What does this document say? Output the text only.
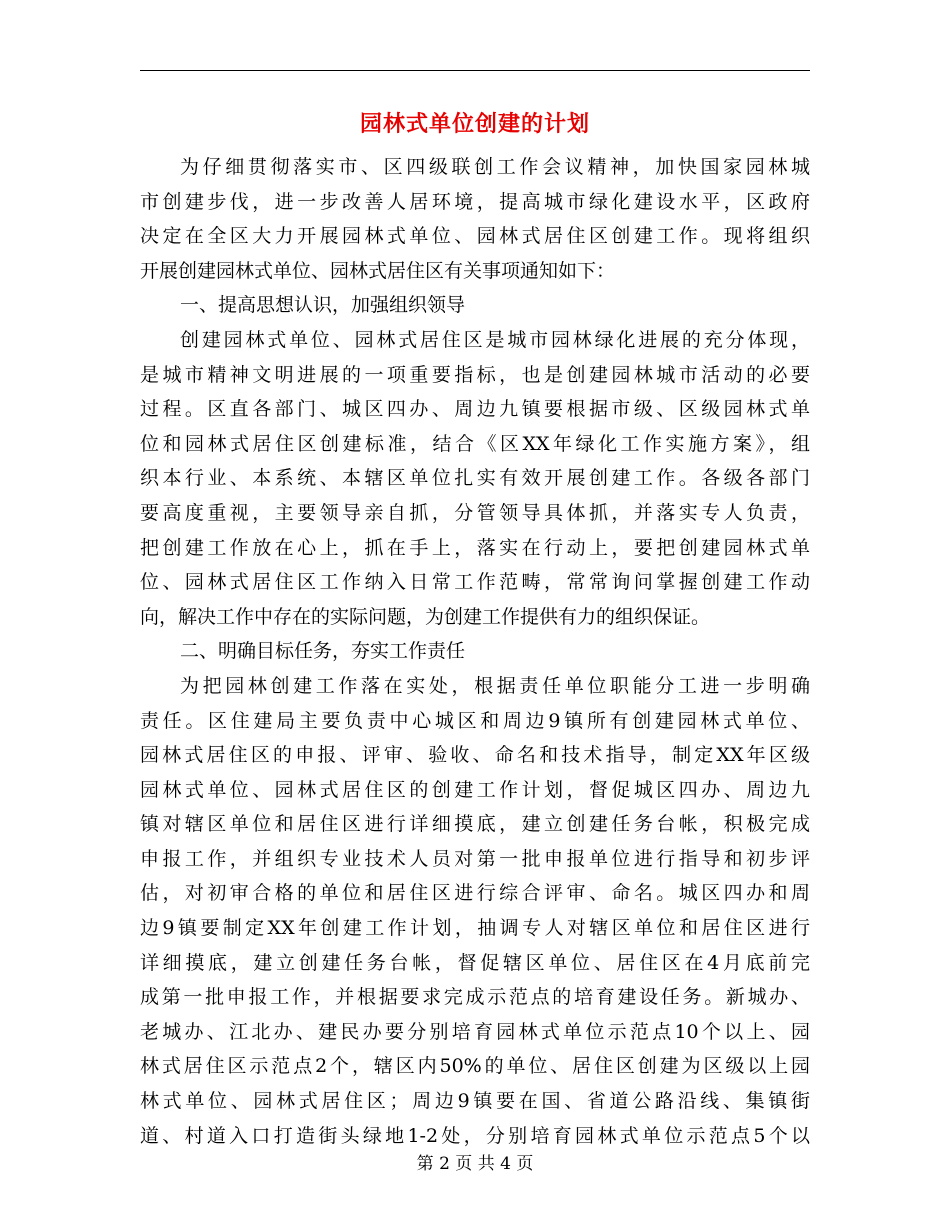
园林式单位创建的计划
为仔细贯彻落实市、区四级联创工作会议精神，加快国家园林城
市创建步伐，进一步改善人居环境，提高城市绿化建设水平，区政府
决定在全区大力开展园林式单位、园林式居住区创建工作。现将组织
开展创建园林式单位、园林式居住区有关事项通知如下：
一、提高思想认识，加强组织领导
创建园林式单位、园林式居住区是城市园林绿化进展的充分体现，
是城市精神文明进展的一项重要指标，也是创建园林城市活动的必要
过程。区直各部门、城区四办、周边九镇要根据市级、区级园林式单
位和园林式居住区创建标准，结合《区XX年绿化工作实施方案》，组
织本行业、本系统、本辖区单位扎实有效开展创建工作。各级各部门
要高度重视，主要领导亲自抓，分管领导具体抓，并落实专人负责，
把创建工作放在心上，抓在手上，落实在行动上，要把创建园林式单
位、园林式居住区工作纳入日常工作范畴，常常询问掌握创建工作动
向，解决工作中存在的实际问题，为创建工作提供有力的组织保证。
二、明确目标任务，夯实工作责任
为把园林创建工作落在实处，根据责任单位职能分工进一步明确
责任。区住建局主要负责中心城区和周边9镇所有创建园林式单位、
园林式居住区的申报、评审、验收、命名和技术指导，制定XX年区级
园林式单位、园林式居住区的创建工作计划，督促城区四办、周边九
镇对辖区单位和居住区进行详细摸底，建立创建任务台帐，积极完成
申报工作，并组织专业技术人员对第一批申报单位进行指导和初步评
估，对初审合格的单位和居住区进行综合评审、命名。城区四办和周
边9镇要制定XX年创建工作计划，抽调专人对辖区单位和居住区进行
详细摸底，建立创建任务台帐，督促辖区单位、居住区在4月底前完
成第一批申报工作，并根据要求完成示范点的培育建设任务。新城办、
老城办、江北办、建民办要分别培育园林式单位示范点10个以上、园
林式居住区示范点2个，辖区内50%的单位、居住区创建为区级以上园
林式单位、园林式居住区；周边9镇要在国、省道公路沿线、集镇街
道、村道入口打造街头绿地1-2处，分别培育园林式单位示范点5个以
第 2 页 共 4 页
